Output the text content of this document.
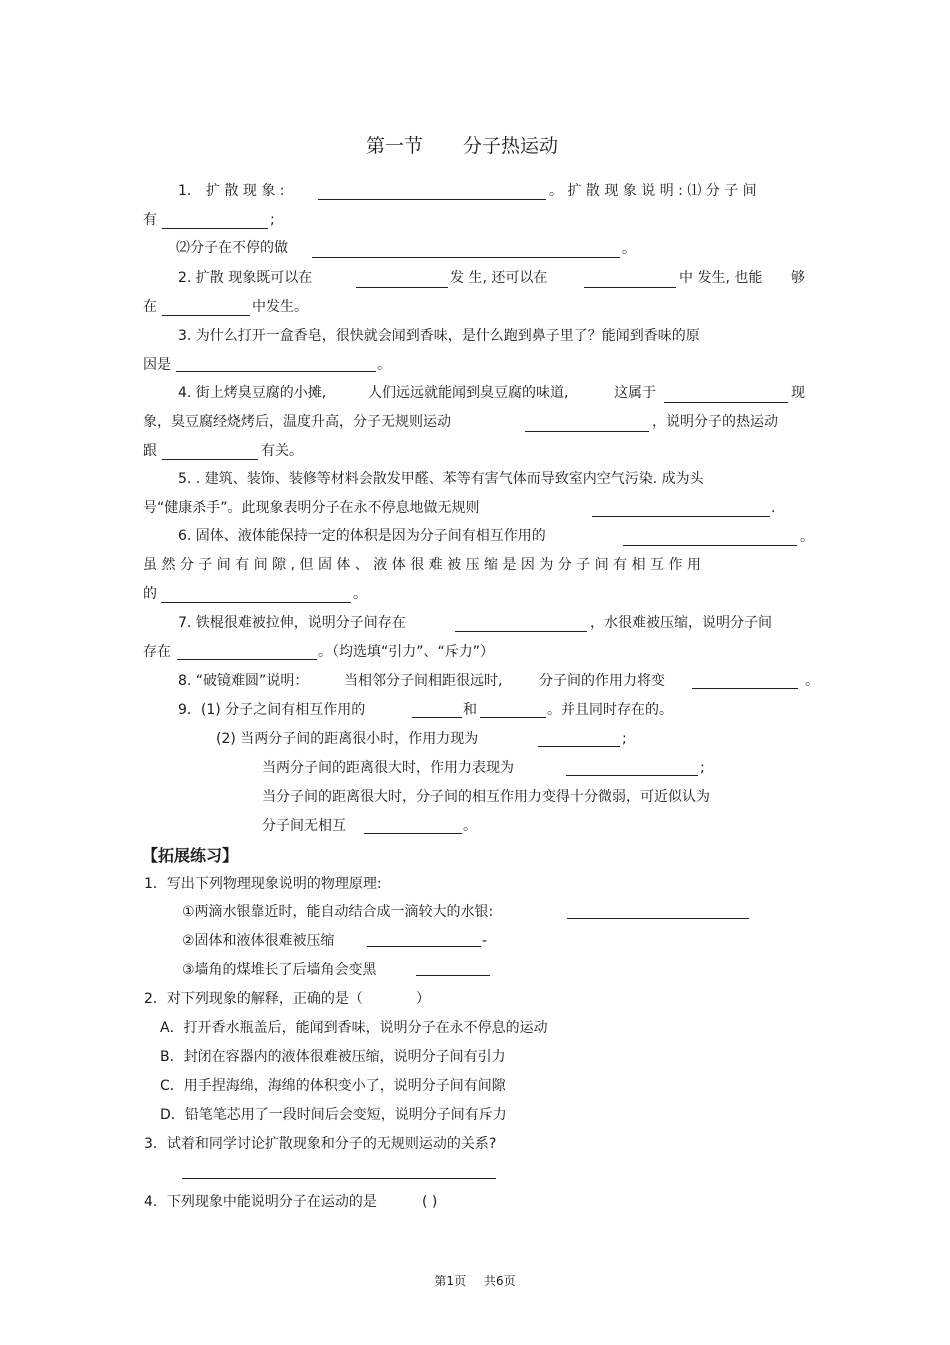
第一节 分子热运动
1. 扩 散 现 象 :	。 扩 散 现 象 说 明 : ⑴ 分 子 间
有	;
⑵分子在不停的做	。
2. 扩散 现象既可以在	发 生, 还可以在	中 发生, 也能 够
在	中发生。
3. 为什么打开一盒香皂，很快就会闻到香味，是什么跑到鼻子里了？能闻到香味的原
因是	。
4. 街上烤臭豆腐的小摊,	人们远远就能闻到臭豆腐的味道,	这属于	现
象，臭豆腐经烧烤后，温度升高，分子无规则运动	，说明分子的热运动
跟	有关。
5. . 建筑、装饰、装修等材料会散发甲醛、苯等有害气体而导致室内空气污染. 成为头
号“健康杀手”。此现象表明分子在永不停息地做无规则	.
6. 固体、液体能保持一定的体积是因为分子间有相互作用的	。
虽 然 分 子 间 有 间 隙 , 但 固 体 、 液 体 很 难 被 压 缩 是 因 为 分 子 间 有 相 互 作 用
的	。
7. 铁棍很难被拉伸，说明分子间存在	，水很难被压缩，说明分子间
存在	。（均选填“引力”、“斥力”）
8. “破镜难圆”说明：	当相邻分子间相距很远时,	分子间的作用力将变	。
9．(1) 分子之间有相互作用的	和	。并且同时存在的。
(2) 当两分子间的距离很小时，作用力现为	;
当两分子间的距离很大时，作用力表现为	;
当分子间的距离很大时，分子间的相互作用力变得十分微弱，可近似认为
分子间无相互	。
【拓展练习】
1．写出下列物理现象说明的物理原理:
①两滴水银靠近时，能自动结合成一滴较大的水银:
②固体和液体很难被压缩	-
③墙角的煤堆长了后墙角会变黑
2．对下列现象的解释，正确的是（	）
A．打开香水瓶盖后，能闻到香味，说明分子在永不停息的运动
B．封闭在容器内的液体很难被压缩，说明分子间有引力
C．用手捏海绵，海绵的体积变小了，说明分子间有间隙
D．铅笔笔芯用了一段时间后会变短，说明分子间有斥力
3．试着和同学讨论扩散现象和分子的无规则运动的关系?
4．下列现象中能说明分子在运动的是	( )
第1页 共6页
